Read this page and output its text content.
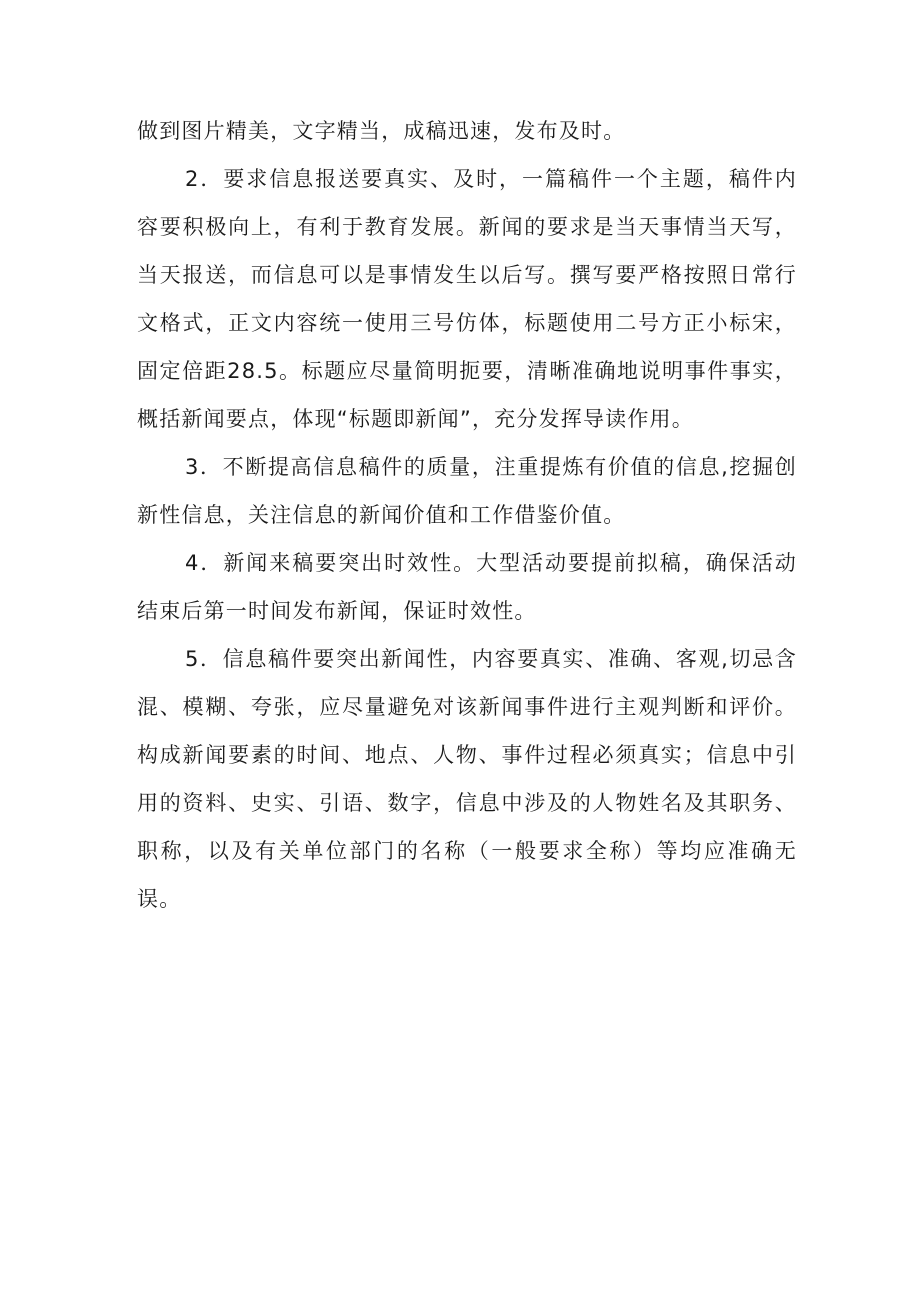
做到图片精美，文字精当，成稿迅速，发布及时。

2．要求信息报送要真实、及时，一篇稿件一个主题，稿件内容要积极向上，有利于教育发展。新闻的要求是当天事情当天写，当天报送，而信息可以是事情发生以后写。撰写要严格按照日常行文格式，正文内容统一使用三号仿体，标题使用二号方正小标宋，固定倍距28.5。标题应尽量简明扼要，清晰准确地说明事件事实，概括新闻要点，体现“标题即新闻”，充分发挥导读作用。

3．不断提高信息稿件的质量，注重提炼有价值的信息,挖掘创新性信息，关注信息的新闻价值和工作借鉴价值。

4．新闻来稿要突出时效性。大型活动要提前拟稿，确保活动结束后第一时间发布新闻，保证时效性。

5．信息稿件要突出新闻性，内容要真实、准确、客观,切忌含混、模糊、夸张，应尽量避免对该新闻事件进行主观判断和评价。构成新闻要素的时间、地点、人物、事件过程必须真实；信息中引用的资料、史实、引语、数字，信息中涉及的人物姓名及其职务、职称，以及有关单位部门的名称（一般要求全称）等均应准确无误。
